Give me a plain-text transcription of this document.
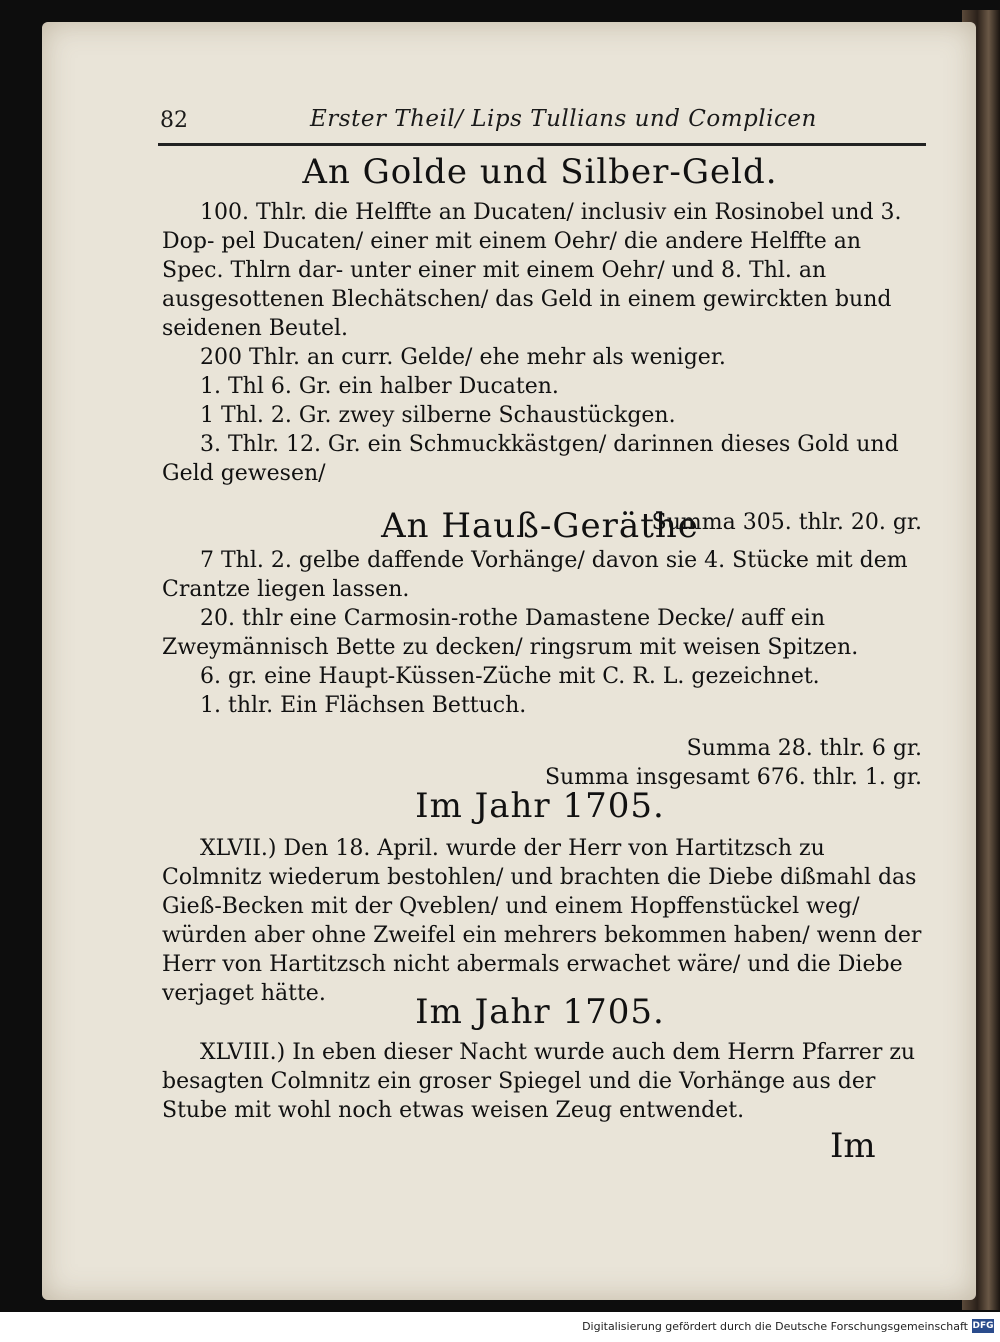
82	Erster Theil/ Lips Tullians und Complicen
An Golde und Silber-Geld.

100. Thlr. die Helffte an Ducaten/ inclusiv ein Rosinobel und 3. Dop- pel Ducaten/ einer mit einem Oehr/ die andere Helffte an Spec. Thlrn dar- unter einer mit einem Oehr/ und 8. Thl. an ausgesottenen Blechätschen/ das Geld in einem gewirckten bund seidenen Beutel.

200 Thlr. an curr. Gelde/ ehe mehr als weniger.

1. Thl 6. Gr. ein halber Ducaten.

1 Thl. 2. Gr. zwey silberne Schaustückgen.

3. Thlr. 12. Gr. ein Schmuckkästgen/ darinnen dieses Gold und Geld gewesen/

Summa 305. thlr. 20. gr.

An Hauß-Geräthe

7 Thl. 2. gelbe daffende Vorhänge/ davon sie 4. Stücke mit dem Crantze liegen lassen.

20. thlr eine Carmosin-rothe Damastene Decke/ auff ein Zweymännisch Bette zu decken/ ringsrum mit weisen Spitzen.

6. gr. eine Haupt-Küssen-Züche mit C. R. L. gezeichnet.

1. thlr. Ein Flächsen Bettuch.

Summa 28. thlr. 6 gr.

Summa insgesamt 676. thlr. 1. gr.

Im Jahr 1705.

XLVII.) Den 18. April. wurde der Herr von Hartitzsch zu Colmnitz wiederum bestohlen/ und brachten die Diebe dißmahl das Gieß-Becken mit der Qveblen/ und einem Hopffenstückel weg/ würden aber ohne Zweifel ein mehrers bekommen haben/ wenn der Herr von Hartitzsch nicht abermals erwachet wäre/ und die Diebe verjaget hätte.	Im Jahr 1705.

XLVIII.) In eben dieser Nacht wurde auch dem Herrn Pfarrer zu besagten Colmnitz ein groser Spiegel und die Vorhänge aus der Stube mit wohl noch etwas weisen Zeug entwendet.

Im
Digitalisierung gefördert durch die Deutsche Forschungsgemeinschaft DFG
